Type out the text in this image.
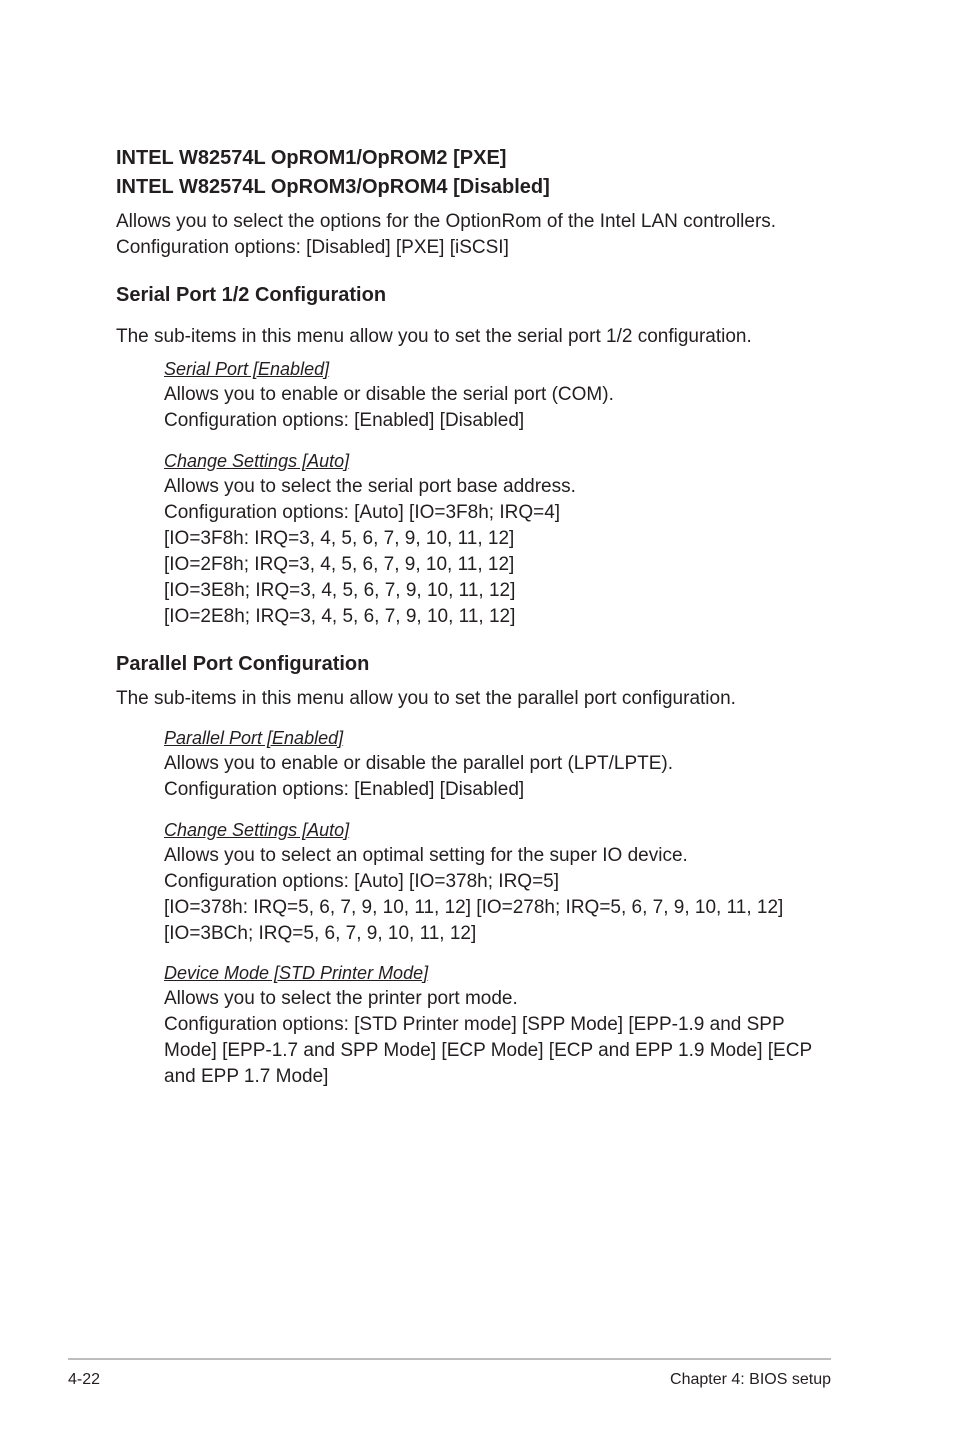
INTEL W82574L OpROM1/OpROM2 [PXE]
INTEL W82574L OpROM3/OpROM4 [Disabled]
Allows you to select the options for the OptionRom of the Intel LAN controllers.
Configuration options: [Disabled] [PXE] [iSCSI]
Serial Port 1/2 Configuration
The sub-items in this menu allow you to set the serial port 1/2 configuration.
Serial Port [Enabled]
Allows you to enable or disable the serial port (COM).
Configuration options: [Enabled] [Disabled]
Change Settings [Auto]
Allows you to select the serial port base address.
Configuration options: [Auto] [IO=3F8h; IRQ=4]
[IO=3F8h: IRQ=3, 4, 5, 6, 7, 9, 10, 11, 12]
[IO=2F8h; IRQ=3, 4, 5, 6, 7, 9, 10, 11, 12]
[IO=3E8h; IRQ=3, 4, 5, 6, 7, 9, 10, 11, 12]
[IO=2E8h; IRQ=3, 4, 5, 6, 7, 9, 10, 11, 12]
Parallel Port Configuration
The sub-items in this menu allow you to set the parallel port configuration.
Parallel Port [Enabled]
Allows you to enable or disable the parallel port (LPT/LPTE).
Configuration options: [Enabled] [Disabled]
Change Settings [Auto]
Allows you to select an optimal setting for the super IO device.
Configuration options: [Auto] [IO=378h; IRQ=5]
[IO=378h: IRQ=5, 6, 7, 9, 10, 11, 12] [IO=278h; IRQ=5, 6, 7, 9, 10, 11, 12]
[IO=3BCh; IRQ=5, 6, 7, 9, 10, 11, 12]
Device Mode [STD Printer Mode]
Allows you to select the printer port mode.
Configuration options: [STD Printer mode] [SPP Mode] [EPP-1.9 and SPP Mode] [EPP-1.7 and SPP Mode] [ECP Mode] [ECP and EPP 1.9 Mode] [ECP and EPP 1.7 Mode]
4-22	Chapter 4: BIOS setup
